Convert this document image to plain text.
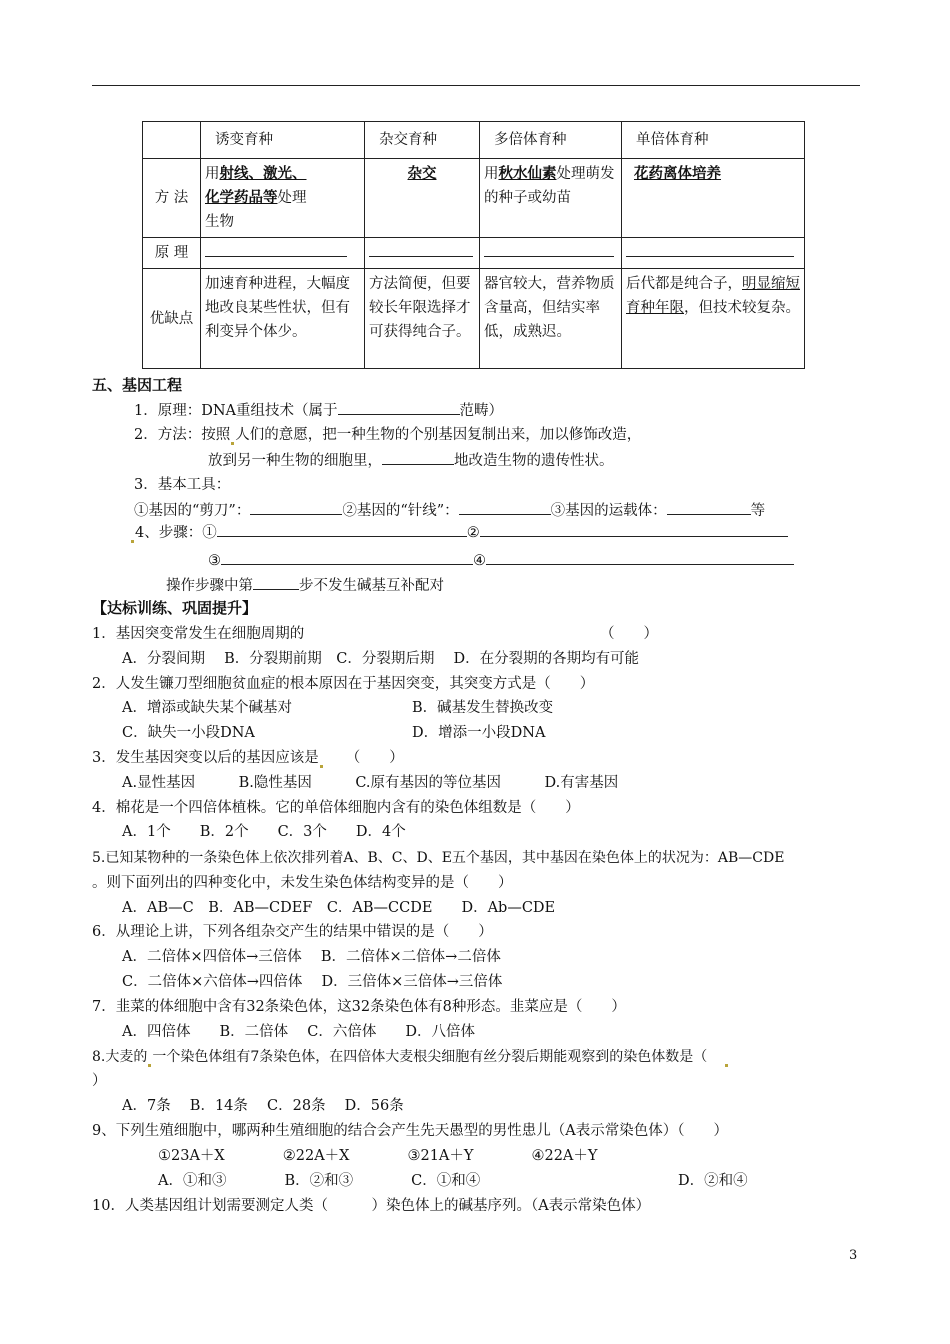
	诱变育种	杂交育种	多倍体育种	单倍体育种
方 法	用射线、激光、
化学药品等处理
生物	杂交	用秋水仙素处理萌发的种子或幼苗	花药离体培养
原 理				
优缺点	加速育种进程，大幅度地改良某些性状，但有利变异个体少。	方法简便，但要较长年限选择才可获得纯合子。	器官较大，营养物质含量高，但结实率低，成熟迟。	后代都是纯合子，明显缩短育种年限，但技术较复杂。
五、基因工程
1．原理：DNA重组技术（属于	范畴）
2．方法：按照 人们的意愿，把一种生物的个别基因复制出来，加以修饰改造，
放到另一种生物的细胞里，	地改造生物的遗传性状。
3．基本工具：
①基因的“剪刀”：	②基因的“针线”：	③基因的运载体：	等
4、步骤：①	②
③	④
操作步骤中第	步不发生碱基互补配对
【达标训练、巩固提升】
1．基因突变常发生在细胞周期的	（　　）
A．分裂间期　 B．分裂期前期　C．分裂期后期　 D．在分裂期的各期均有可能
2．人发生镰刀型细胞贫血症的根本原因在于基因突变，其突变方式是（　　）
A．增添或缺失某个碱基对	B．碱基发生替换改变
C．缺失一小段DNA	D．增添一小段DNA
3．发生基因突变以后的基因应该是 （　　）
A.显性基因　　　B.隐性基因　　　C.原有基因的等位基因　　　D.有害基因
4．棉花是一个四倍体植株。它的单倍体细胞内含有的染色体组数是（　　）
A．1个　　B．2个　　C．3个　　D．4个
5.已知某物种的一条染色体上依次排列着A、B、C、D、E五个基因，其中基因在染色体上的状况为：AB—CDE
。则下面列出的四种变化中，未发生染色体结构变异的是（　　）
A．AB—C　B．AB—CDEF　C．AB—CCDE　　D．Ab—CDE
6．从理论上讲，下列各组杂交产生的结果中错误的是（　　）
A．二倍体×四倍体→三倍体　 B．二倍体×二倍体→二倍体
C．二倍体×六倍体→四倍体　 D．三倍体×三倍体→三倍体
7．韭菜的体细胞中含有32条染色体，这32条染色体有8种形态。韭菜应是（　　）
A．四倍体　　B．二倍体　 C．六倍体　　D．八倍体
8.大麦的 一个染色体组有7条染色体，在四倍体大麦根尖细胞有丝分裂后期能观察到的染色体数是（
）
A．7条　 B．14条　 C．28条　 D．56条
9、下列生殖细胞中，哪两种生殖细胞的结合会产生先天愚型的男性患儿（A表示常染色体）（　　）
①23A＋X　　　　②22A＋X　　　　③21A＋Y　　　　④22A＋Y
A．①和③　　　　B．②和③　　　　C．①和④	D．②和④
10．人类基因组计划需要测定人类（　　　）染色体上的碱基序列。（A表示常染色体）
3
